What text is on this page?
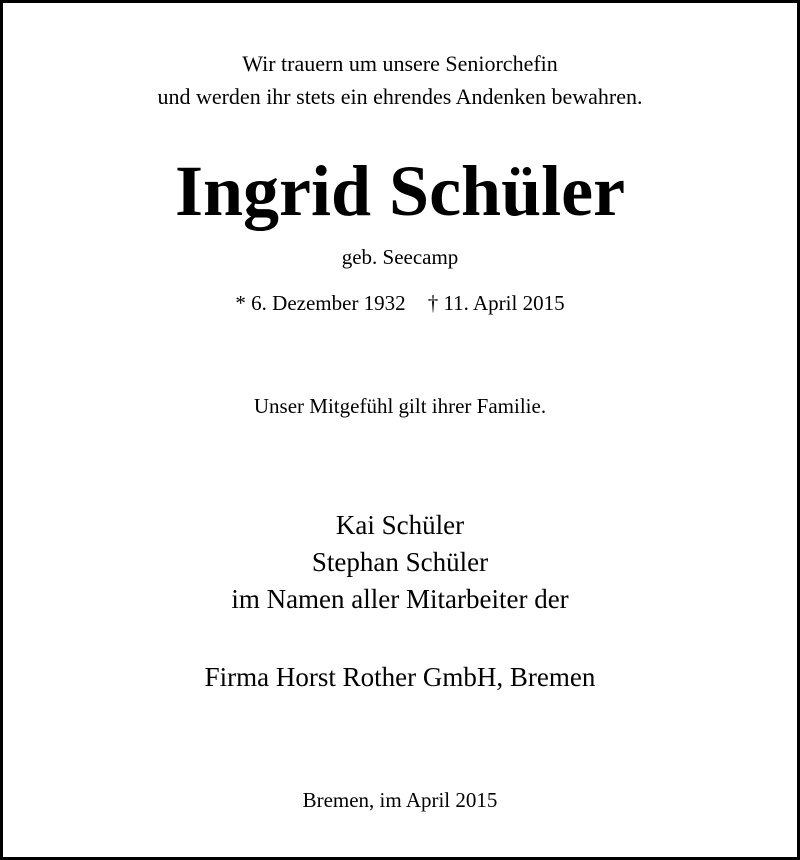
Wir trauern um unsere Seniorchefin
und werden ihr stets ein ehrendes Andenken bewahren.
Ingrid Schüler
geb. Seecamp
* 6. Dezember 1932 † 11. April 2015
Unser Mitgefühl gilt ihrer Familie.
Kai Schüler
Stephan Schüler
im Namen aller Mitarbeiter der
Firma Horst Rother GmbH, Bremen
Bremen, im April 2015
